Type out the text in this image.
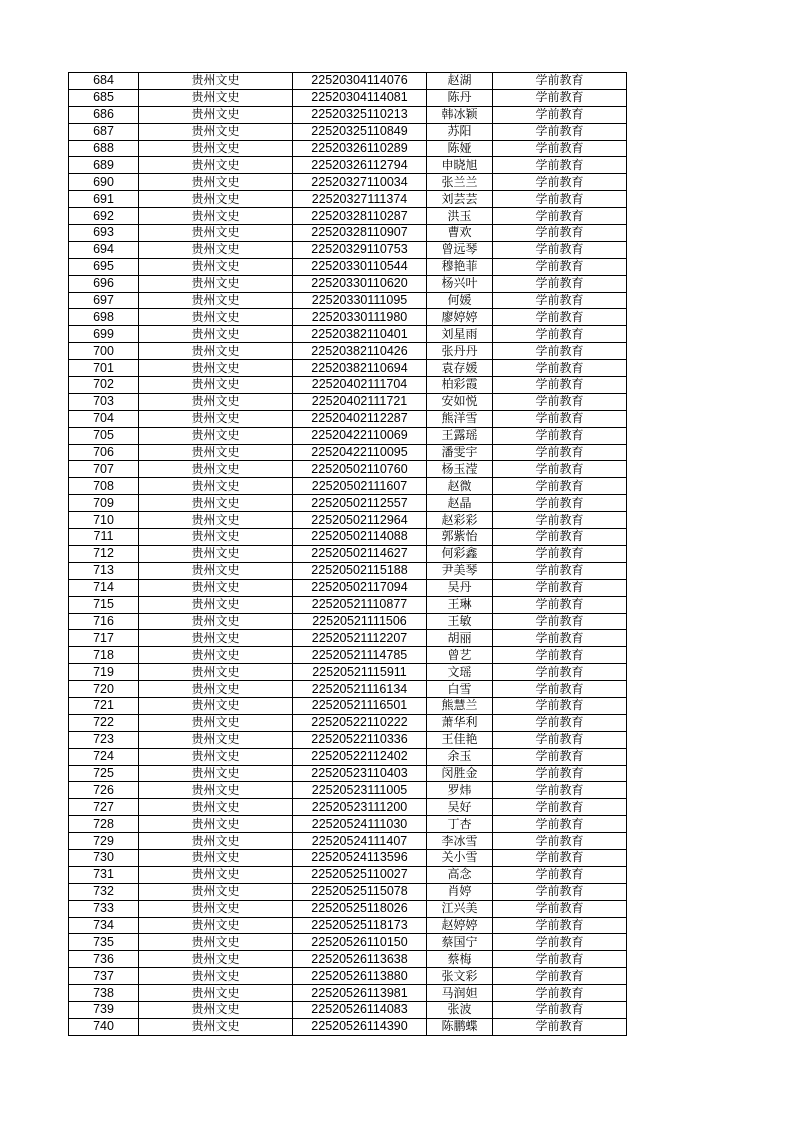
684	贵州文史	22520304114076	赵湖	学前教育
685	贵州文史	22520304114081	陈丹	学前教育
686	贵州文史	22520325110213	韩冰颖	学前教育
687	贵州文史	22520325110849	苏阳	学前教育
688	贵州文史	22520326110289	陈娅	学前教育
689	贵州文史	22520326112794	申晓旭	学前教育
690	贵州文史	22520327110034	张兰兰	学前教育
691	贵州文史	22520327111374	刘芸芸	学前教育
692	贵州文史	22520328110287	洪玉	学前教育
693	贵州文史	22520328110907	曹欢	学前教育
694	贵州文史	22520329110753	曾远琴	学前教育
695	贵州文史	22520330110544	穆艳菲	学前教育
696	贵州文史	22520330110620	杨兴叶	学前教育
697	贵州文史	22520330111095	何媛	学前教育
698	贵州文史	22520330111980	廖婷婷	学前教育
699	贵州文史	22520382110401	刘星雨	学前教育
700	贵州文史	22520382110426	张丹丹	学前教育
701	贵州文史	22520382110694	袁存媛	学前教育
702	贵州文史	22520402111704	柏彩霞	学前教育
703	贵州文史	22520402111721	安如悦	学前教育
704	贵州文史	22520402112287	熊洋雪	学前教育
705	贵州文史	22520422110069	王露瑶	学前教育
706	贵州文史	22520422110095	潘雯宇	学前教育
707	贵州文史	22520502110760	杨玉滢	学前教育
708	贵州文史	22520502111607	赵微	学前教育
709	贵州文史	22520502112557	赵晶	学前教育
710	贵州文史	22520502112964	赵彩彩	学前教育
711	贵州文史	22520502114088	郭紫怡	学前教育
712	贵州文史	22520502114627	何彩鑫	学前教育
713	贵州文史	22520502115188	尹美琴	学前教育
714	贵州文史	22520502117094	吴丹	学前教育
715	贵州文史	22520521110877	王琳	学前教育
716	贵州文史	22520521111506	王敏	学前教育
717	贵州文史	22520521112207	胡丽	学前教育
718	贵州文史	22520521114785	曾艺	学前教育
719	贵州文史	22520521115911	文瑶	学前教育
720	贵州文史	22520521116134	白雪	学前教育
721	贵州文史	22520521116501	熊慧兰	学前教育
722	贵州文史	22520522110222	萧华利	学前教育
723	贵州文史	22520522110336	王佳艳	学前教育
724	贵州文史	22520522112402	余玉	学前教育
725	贵州文史	22520523110403	闵胜金	学前教育
726	贵州文史	22520523111005	罗炜	学前教育
727	贵州文史	22520523111200	吴好	学前教育
728	贵州文史	22520524111030	丁杏	学前教育
729	贵州文史	22520524111407	李冰雪	学前教育
730	贵州文史	22520524113596	关小雪	学前教育
731	贵州文史	22520525110027	高念	学前教育
732	贵州文史	22520525115078	肖婷	学前教育
733	贵州文史	22520525118026	江兴美	学前教育
734	贵州文史	22520525118173	赵婷婷	学前教育
735	贵州文史	22520526110150	蔡国宁	学前教育
736	贵州文史	22520526113638	蔡梅	学前教育
737	贵州文史	22520526113880	张文彩	学前教育
738	贵州文史	22520526113981	马润妲	学前教育
739	贵州文史	22520526114083	张波	学前教育
740	贵州文史	22520526114390	陈鹏蝶	学前教育
